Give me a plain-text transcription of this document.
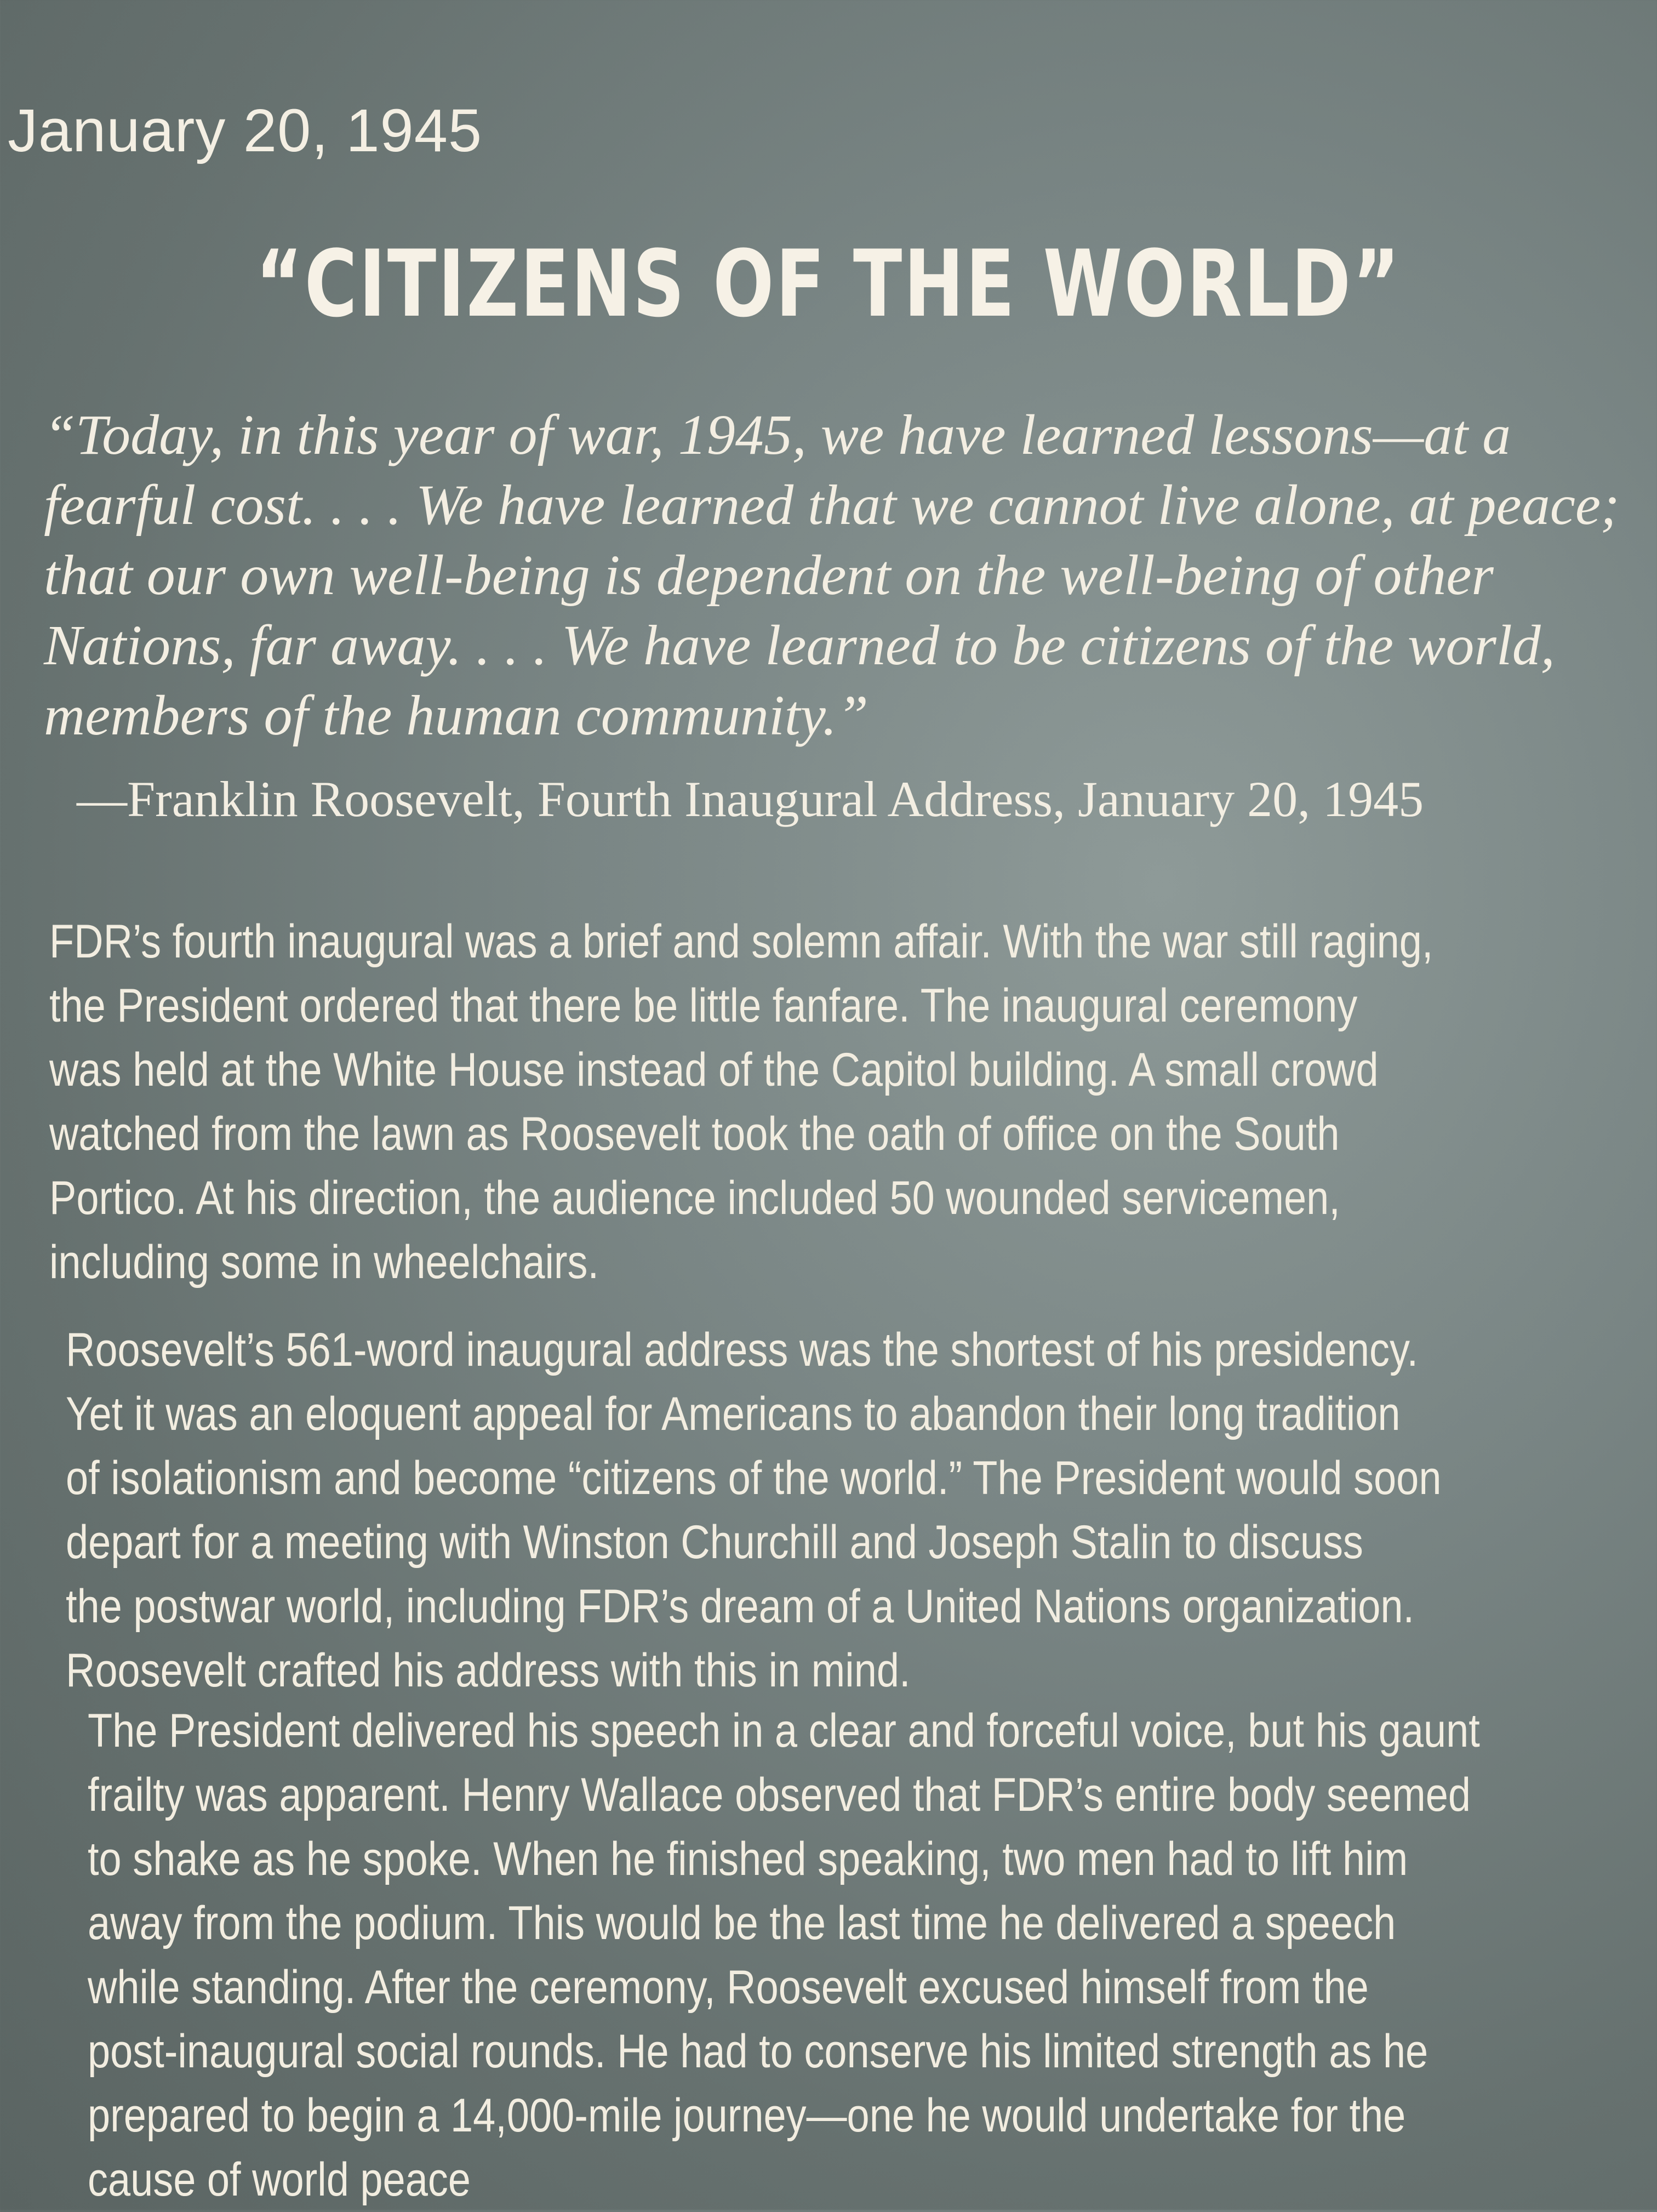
January 20, 1945
“CITIZENS OF THE WORLD”
“Today, in this year of war, 1945, we have learned lessons—at a
fearful cost. . . . We have learned that we cannot live alone, at peace;
that our own well-being is dependent on the well-being of other
Nations, far away. . . . We have learned to be citizens of the world,
members of the human community.”
—Franklin Roosevelt, Fourth Inaugural Address, January 20, 1945
FDR’s fourth inaugural was a brief and solemn affair. With the war still raging,
the President ordered that there be little fanfare. The inaugural ceremony
was held at the White House instead of the Capitol building. A small crowd
watched from the lawn as Roosevelt took the oath of office on the South
Portico. At his direction, the audience included 50 wounded servicemen,
including some in wheelchairs.
Roosevelt’s 561-word inaugural address was the shortest of his presidency.
Yet it was an eloquent appeal for Americans to abandon their long tradition
of isolationism and become “citizens of the world.” The President would soon
depart for a meeting with Winston Churchill and Joseph Stalin to discuss
the postwar world, including FDR’s dream of a United Nations organization.
Roosevelt crafted his address with this in mind.
The President delivered his speech in a clear and forceful voice, but his gaunt
frailty was apparent. Henry Wallace observed that FDR’s entire body seemed
to shake as he spoke. When he finished speaking, two men had to lift him
away from the podium. This would be the last time he delivered a speech
while standing. After the ceremony, Roosevelt excused himself from the
post-inaugural social rounds. He had to conserve his limited strength as he
prepared to begin a 14,000-mile journey—one he would undertake for the
cause of world peace
